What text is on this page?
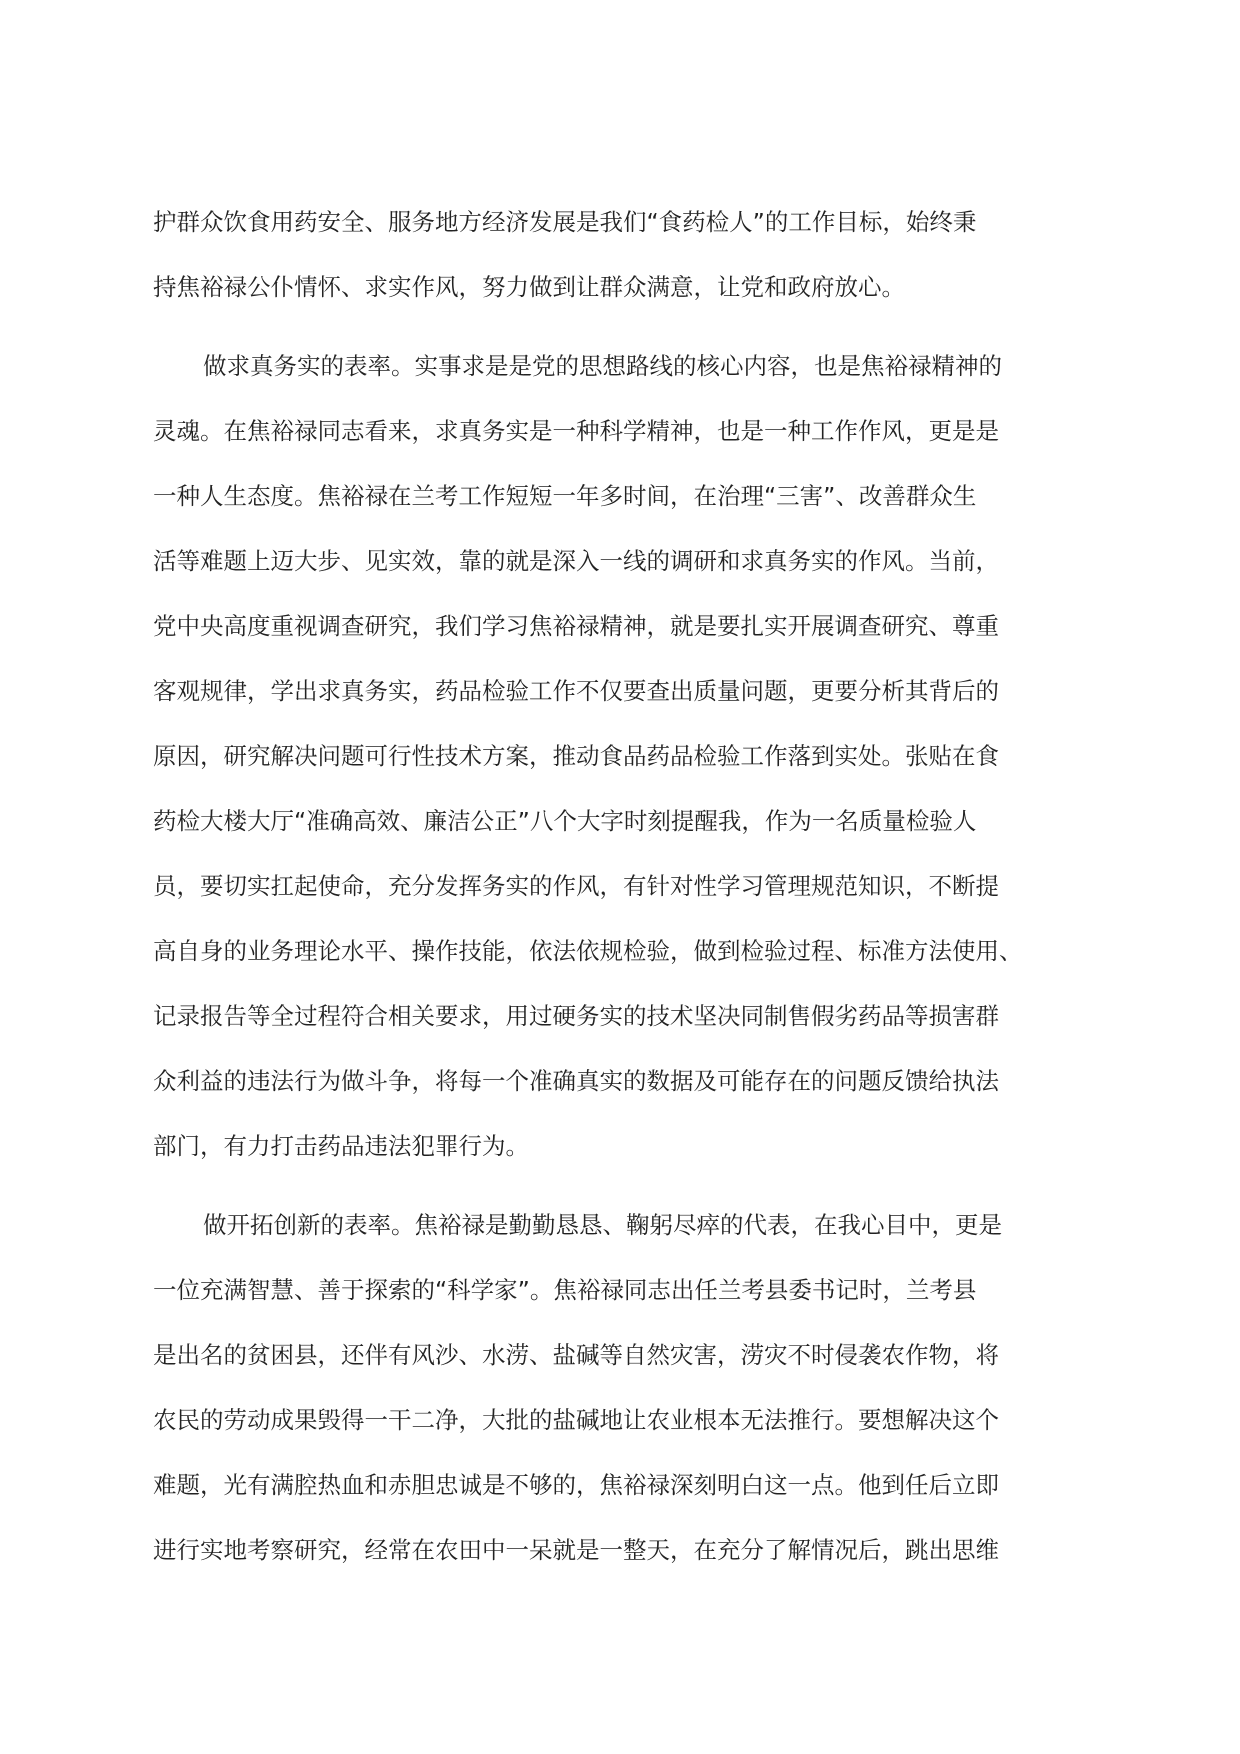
护群众饮食用药安全、服务地方经济发展是我们“食药检人”的工作目标，始终秉
持焦裕禄公仆情怀、求实作风，努力做到让群众满意，让党和政府放心。

做求真务实的表率。实事求是是党的思想路线的核心内容，也是焦裕禄精神的
灵魂。在焦裕禄同志看来，求真务实是一种科学精神，也是一种工作作风，更是是
一种人生态度。焦裕禄在兰考工作短短一年多时间，在治理“三害”、改善群众生
活等难题上迈大步、见实效，靠的就是深入一线的调研和求真务实的作风。当前，
党中央高度重视调查研究，我们学习焦裕禄精神，就是要扎实开展调查研究、尊重
客观规律，学出求真务实，药品检验工作不仅要查出质量问题，更要分析其背后的
原因，研究解决问题可行性技术方案，推动食品药品检验工作落到实处。张贴在食
药检大楼大厅“准确高效、廉洁公正”八个大字时刻提醒我，作为一名质量检验人
员，要切实扛起使命，充分发挥务实的作风，有针对性学习管理规范知识，不断提
高自身的业务理论水平、操作技能，依法依规检验，做到检验过程、标准方法使用、
记录报告等全过程符合相关要求，用过硬务实的技术坚决同制售假劣药品等损害群
众利益的违法行为做斗争，将每一个准确真实的数据及可能存在的问题反馈给执法
部门，有力打击药品违法犯罪行为。

做开拓创新的表率。焦裕禄是勤勤恳恳、鞠躬尽瘁的代表，在我心目中，更是
一位充满智慧、善于探索的“科学家”。焦裕禄同志出任兰考县委书记时，兰考县
是出名的贫困县，还伴有风沙、水涝、盐碱等自然灾害，涝灾不时侵袭农作物，将
农民的劳动成果毁得一干二净，大批的盐碱地让农业根本无法推行。要想解决这个
难题，光有满腔热血和赤胆忠诚是不够的，焦裕禄深刻明白这一点。他到任后立即
进行实地考察研究，经常在农田中一呆就是一整天，在充分了解情况后，跳出思维
